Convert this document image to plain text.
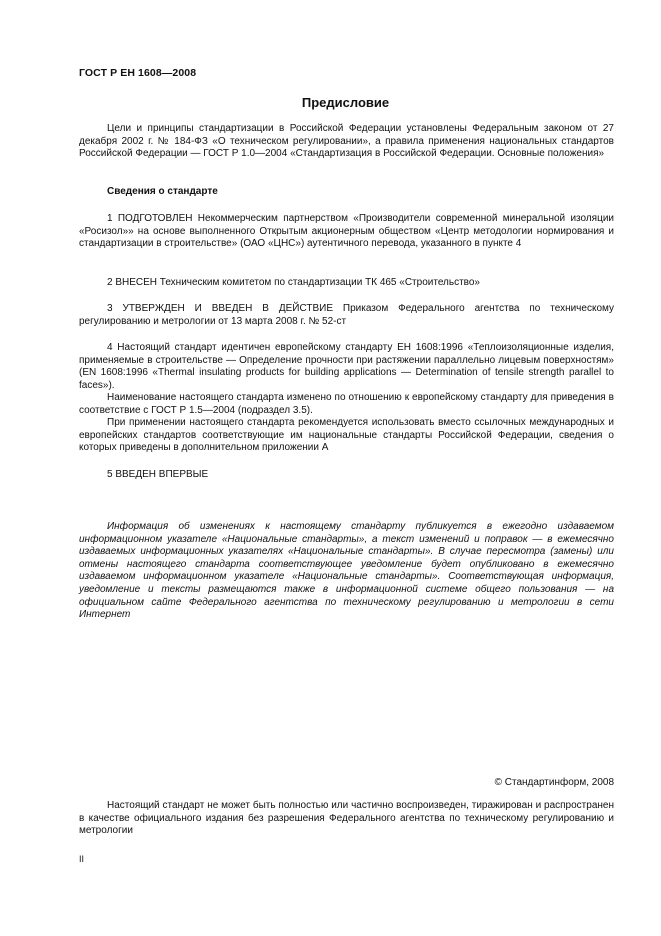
ГОСТ Р ЕН 1608—2008
Предисловие

Цели и принципы стандартизации в Российской Федерации установлены Федеральным законом от 27 декабря 2002 г. № 184-ФЗ «О техническом регулировании», а правила применения национальных стандартов Российской Федерации — ГОСТ Р 1.0—2004 «Стандартизация в Российской Федерации. Основные положения»

Сведения о стандарте

1 ПОДГОТОВЛЕН Некоммерческим партнерством «Производители современной минеральной изоляции «Росизол»» на основе выполненного Открытым акционерным обществом «Центр методологии нормирования и стандартизации в строительстве» (ОАО «ЦНС») аутентичного перевода, указанного в пункте 4

2 ВНЕСЕН Техническим комитетом по стандартизации ТК 465 «Строительство»

3 УТВЕРЖДЕН И ВВЕДЕН В ДЕЙСТВИЕ Приказом Федерального агентства по техническому регулированию и метрологии от 13 марта 2008 г. № 52-ст

4 Настоящий стандарт идентичен европейскому стандарту ЕН 1608:1996 «Теплоизоляционные изделия, применяемые в строительстве — Определение прочности при растяжении параллельно лицевым поверхностям» (EN 1608:1996 «Thermal insulating products for building applications — Determination of tensile strength parallel to faces»).

Наименование настоящего стандарта изменено по отношению к европейскому стандарту для приведения в соответствие с ГОСТ Р 1.5—2004 (подраздел 3.5).

При применении настоящего стандарта рекомендуется использовать вместо ссылочных международных и европейских стандартов соответствующие им национальные стандарты Российской Федерации, сведения о которых приведены в дополнительном приложении А

5 ВВЕДЕН ВПЕРВЫЕ

Информация об изменениях к настоящему стандарту публикуется в ежегодно издаваемом информационном указателе «Национальные стандарты», а текст изменений и поправок — в ежемесячно издаваемых информационных указателях «Национальные стандарты». В случае пересмотра (замены) или отмены настоящего стандарта соответствующее уведомление будет опубликовано в ежемесячно издаваемом информационном указателе «Национальные стандарты». Соответствующая информация, уведомление и тексты размещаются также в информационной системе общего пользования — на официальном сайте Федерального агентства по техническому регулированию и метрологии в сети Интернет

© Стандартинформ, 2008

Настоящий стандарт не может быть полностью или частично воспроизведен, тиражирован и распространен в качестве официального издания без разрешения Федерального агентства по техническому регулированию и метрологии

II
